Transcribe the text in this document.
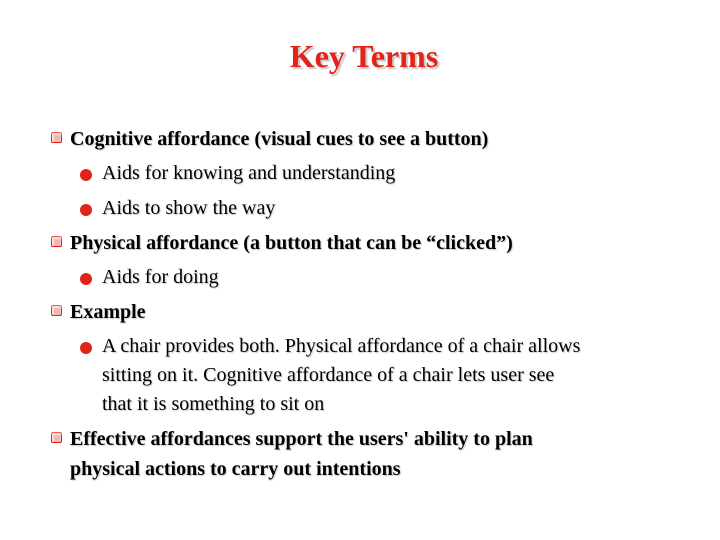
Key Terms
Cognitive affordance (visual cues to see a button)
Aids for knowing and understanding
Aids to show the way
Physical affordance (a button that can be “clicked”)
Aids for doing
Example
A chair provides both. Physical affordance of a chair allows
sitting on it. Cognitive affordance of a chair lets user see
that it is something to sit on
Effective affordances support the users' ability to plan
physical actions to carry out intentions
